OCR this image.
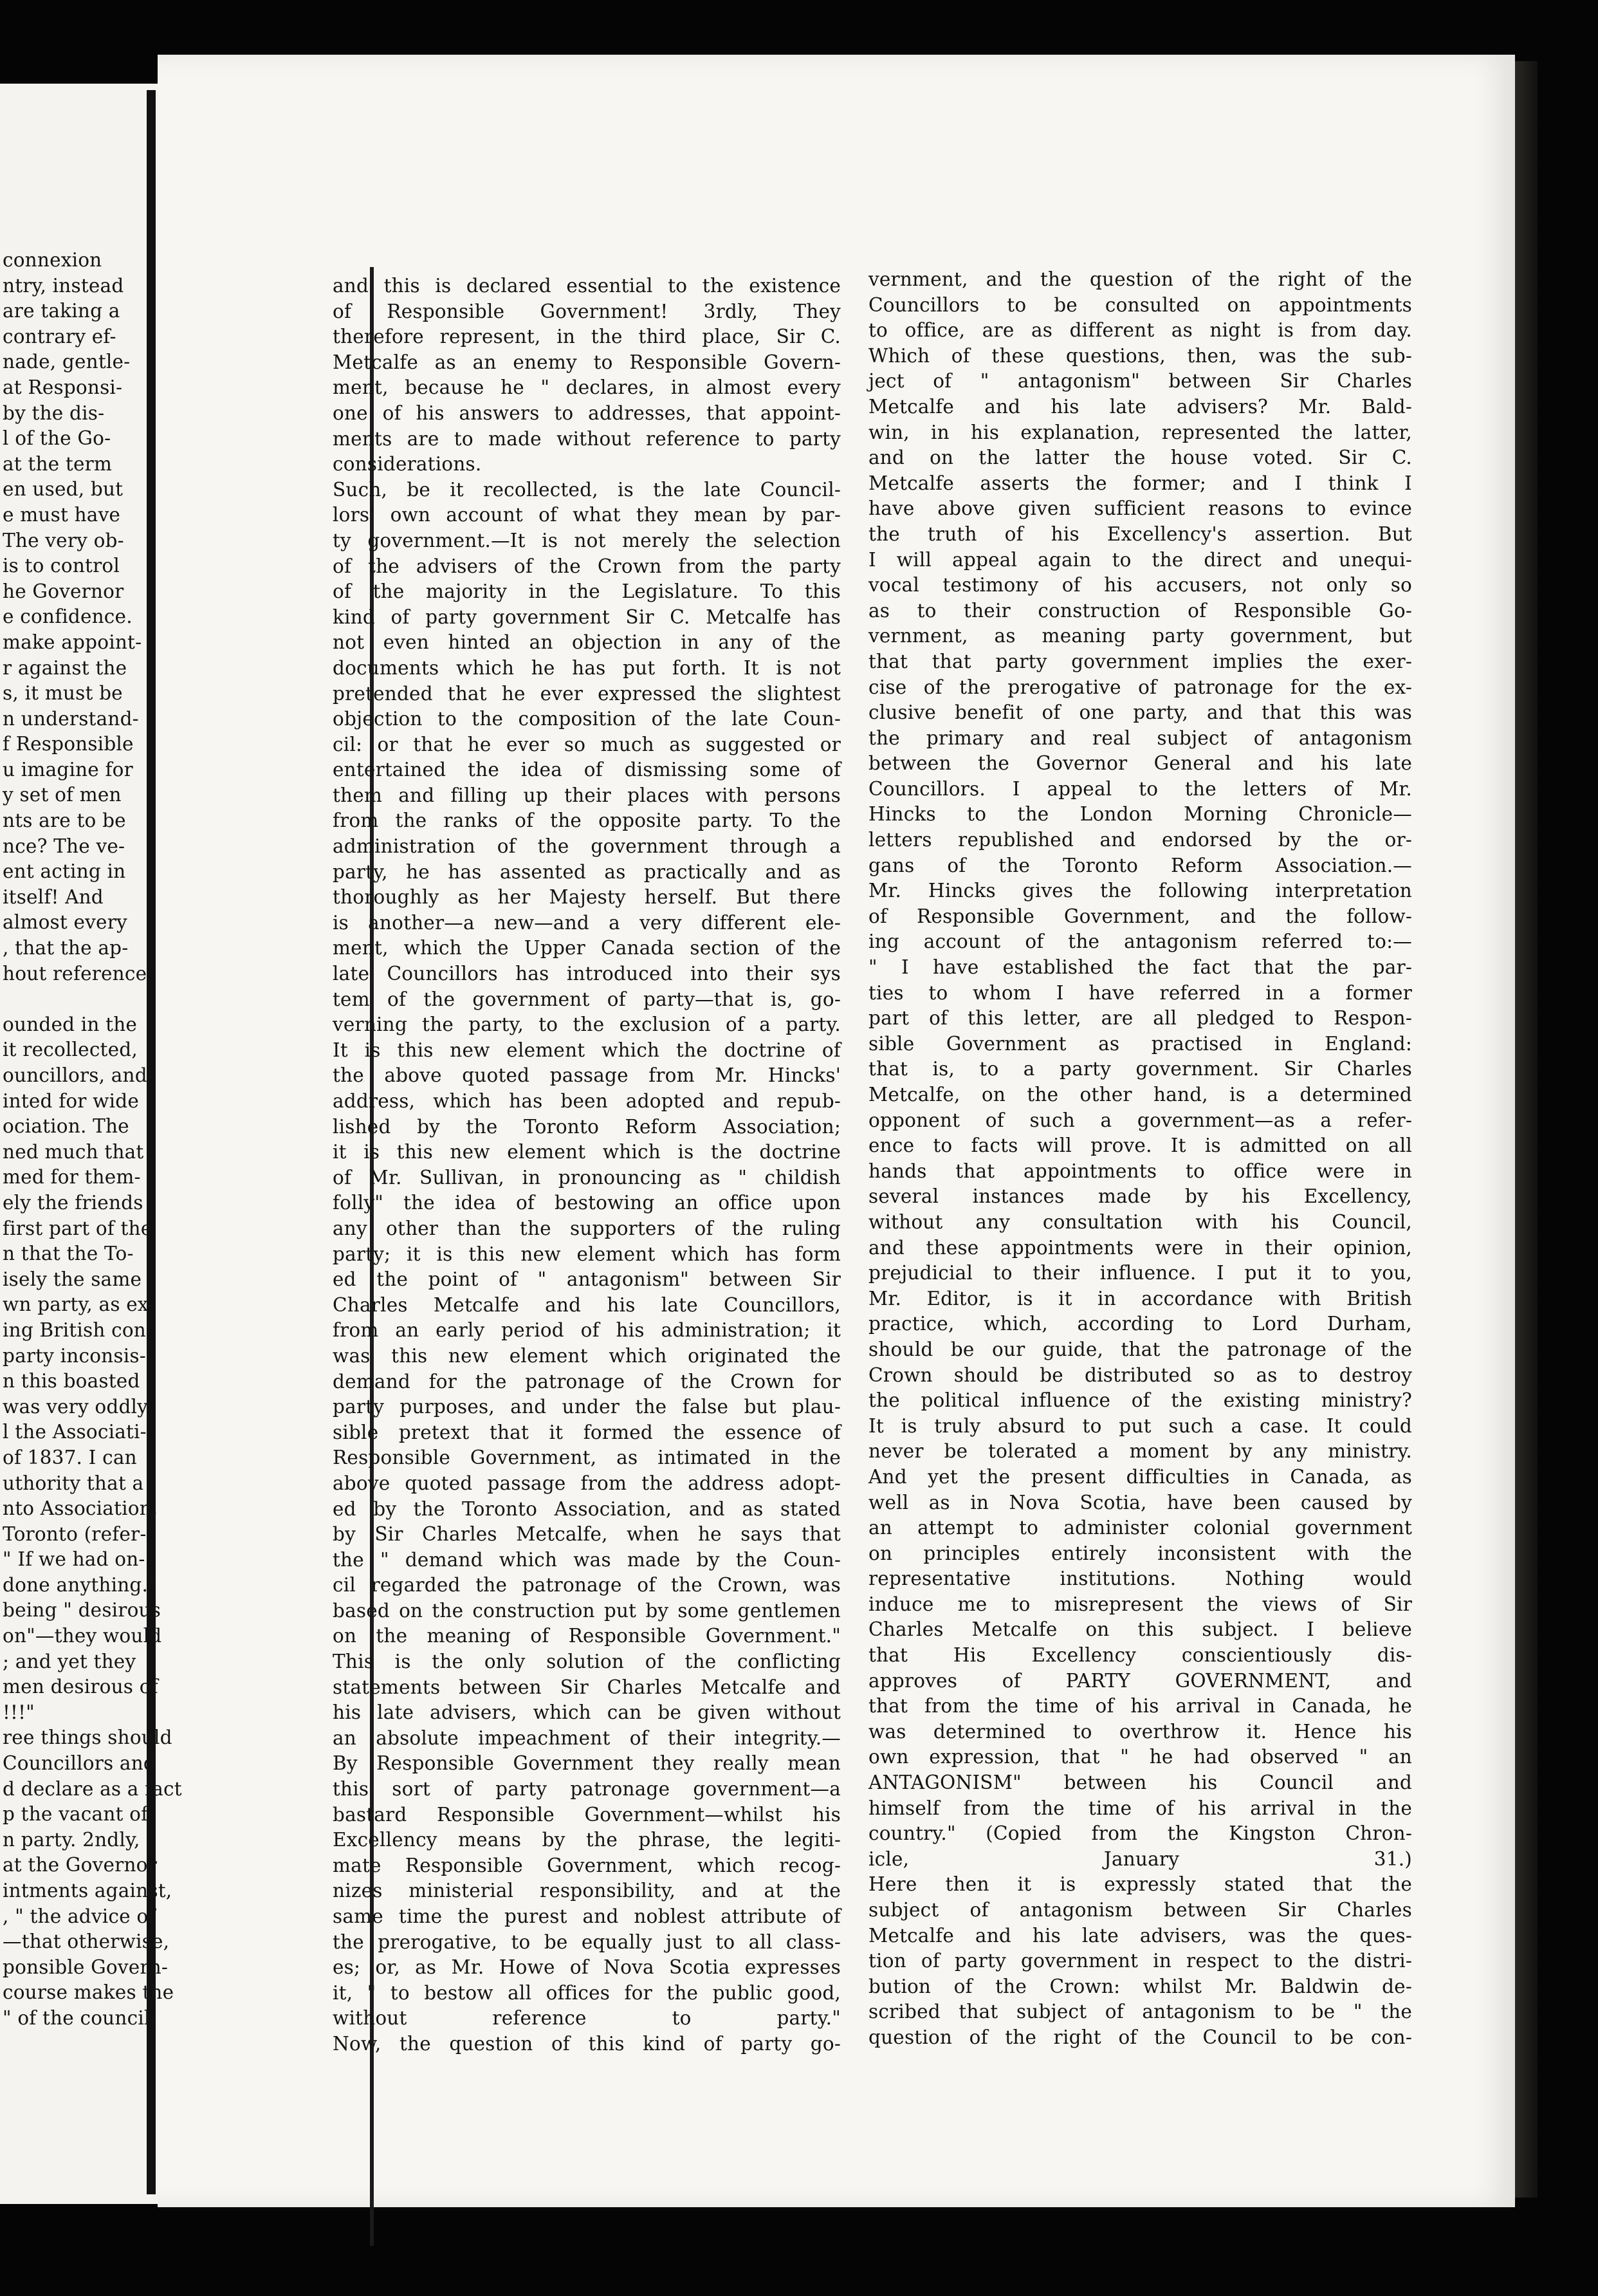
and this is declared essential to the existence
of Responsible Government! 3rdly, They
therefore represent, in the third place, Sir C.
Metcalfe as an enemy to Responsible Govern-
ment, because he " declares, in almost every
one of his answers to addresses, that appoint-
ments are to made without reference to party
considerations.
Such, be it recollected, is the late Council-
lors' own account of what they mean by par-
ty government.—It is not merely the selection
of the advisers of the Crown from the party
of the majority in the Legislature. To this
kind of party government Sir C. Metcalfe has
not even hinted an objection in any of the
documents which he has put forth. It is not
pretended that he ever expressed the slightest
objection to the composition of the late Coun-
cil: or that he ever so much as suggested or
entertained the idea of dismissing some of
them and filling up their places with persons
from the ranks of the opposite party. To the
administration of the government through a
party, he has assented as practically and as
thoroughly as her Majesty herself. But there
is another—a new—and a very different ele-
ment, which the Upper Canada section of the
late Councillors has introduced into their sys
tem of the government of party—that is, go-
verning the party, to the exclusion of a party.
It is this new element which the doctrine of
the above quoted passage from Mr. Hincks'
address, which has been adopted and repub-
lished by the Toronto Reform Association;
it is this new element which is the doctrine
of Mr. Sullivan, in pronouncing as " childish
folly" the idea of bestowing an office upon
any other than the supporters of the ruling
party; it is this new element which has form
ed the point of " antagonism" between Sir
Charles Metcalfe and his late Councillors,
from an early period of his administration; it
was this new element which originated the
demand for the patronage of the Crown for
party purposes, and under the false but plau-
sible pretext that it formed the essence of
Responsible Government, as intimated in the
above quoted passage from the address adopt-
ed by the Toronto Association, and as stated
by Sir Charles Metcalfe, when he says that
the " demand which was made by the Coun-
cil regarded the patronage of the Crown, was
based on the construction put by some gentlemen
on the meaning of Responsible Government."
This is the only solution of the conflicting
statements between Sir Charles Metcalfe and
his late advisers, which can be given without
an absolute impeachment of their integrity.—
By Responsible Government they really mean
this sort of party patronage government—a
bastard Responsible Government—whilst his
Excellency means by the phrase, the legiti-
mate Responsible Government, which recog-
nizes ministerial responsibility, and at the
same time the purest and noblest attribute of
the prerogative, to be equally just to all class-
es; or, as Mr. Howe of Nova Scotia expresses
it, " to bestow all offices for the public good,
without reference to party."
Now, the question of this kind of party go-
vernment, and the question of the right of the
Councillors to be consulted on appointments
to office, are as different as night is from day.
Which of these questions, then, was the sub-
ject of " antagonism" between Sir Charles
Metcalfe and his late advisers? Mr. Bald-
win, in his explanation, represented the latter,
and on the latter the house voted. Sir C.
Metcalfe asserts the former; and I think I
have above given sufficient reasons to evince
the truth of his Excellency's assertion. But
I will appeal again to the direct and unequi-
vocal testimony of his accusers, not only so
as to their construction of Responsible Go-
vernment, as meaning party government, but
that that party government implies the exer-
cise of the prerogative of patronage for the ex-
clusive benefit of one party, and that this was
the primary and real subject of antagonism
between the Governor General and his late
Councillors. I appeal to the letters of Mr.
Hincks to the London Morning Chronicle—
letters republished and endorsed by the or-
gans of the Toronto Reform Association.—
Mr. Hincks gives the following interpretation
of Responsible Government, and the follow-
ing account of the antagonism referred to:—
" I have established the fact that the par-
ties to whom I have referred in a former
part of this letter, are all pledged to Respon-
sible Government as practised in England:
that is, to a party government. Sir Charles
Metcalfe, on the other hand, is a determined
opponent of such a government—as a refer-
ence to facts will prove. It is admitted on all
hands that appointments to office were in
several instances made by his Excellency,
without any consultation with his Council,
and these appointments were in their opinion,
prejudicial to their influence. I put it to you,
Mr. Editor, is it in accordance with British
practice, which, according to Lord Durham,
should be our guide, that the patronage of the
Crown should be distributed so as to destroy
the political influence of the existing ministry?
It is truly absurd to put such a case. It could
never be tolerated a moment by any ministry.
And yet the present difficulties in Canada, as
well as in Nova Scotia, have been caused by
an attempt to administer colonial government
on principles entirely inconsistent with the
representative institutions. Nothing would
induce me to misrepresent the views of Sir
Charles Metcalfe on this subject. I believe
that His Excellency conscientiously dis-
approves of PARTY GOVERNMENT, and
that from the time of his arrival in Canada, he
was determined to overthrow it. Hence his
own expression, that " he had observed " an
ANTAGONISM" between his Council and
himself from the time of his arrival in the
country." (Copied from the Kingston Chron-
icle, January 31.)
Here then it is expressly stated that the
subject of antagonism between Sir Charles
Metcalfe and his late advisers, was the ques-
tion of party government in respect to the distri-
bution of the Crown: whilst Mr. Baldwin de-
scribed that subject of antagonism to be " the
question of the right of the Council to be con-
connexion
ntry, instead
are taking a
contrary ef-
nade, gentle-
at Responsi-
by the dis-
l of the Go-
at the term
en used, but
e must have
The very ob-
is to control
he Governor
e confidence.
make appoint-
r against the
s, it must be
n understand-
f Responsible
u imagine for
y set of men
nts are to be
nce? The ve-
ent acting in
itself! And
almost every
, that the ap-
hout reference
ounded in the
it recollected,
ouncillors, and
inted for wide
ociation. The
ned much that
med for them-
ely the friends
first part of the
n that the To-
isely the same
wn party, as ex-
ing British con-
party inconsis-
n this boasted
was very oddly
l the Associati-
of 1837. I can
uthority that a
nto Association,
Toronto (refer-
" If we had on-
done anything."
being " desirous
on"—they would
; and yet they
men desirous of
!!!"
ree things should
Councillors and
d declare as a fact
p the vacant of-
n party. 2ndly,
at the Governor
intments against,
, " the advice of
—that otherwise,
ponsible Govern-
course makes the
" of the council;
